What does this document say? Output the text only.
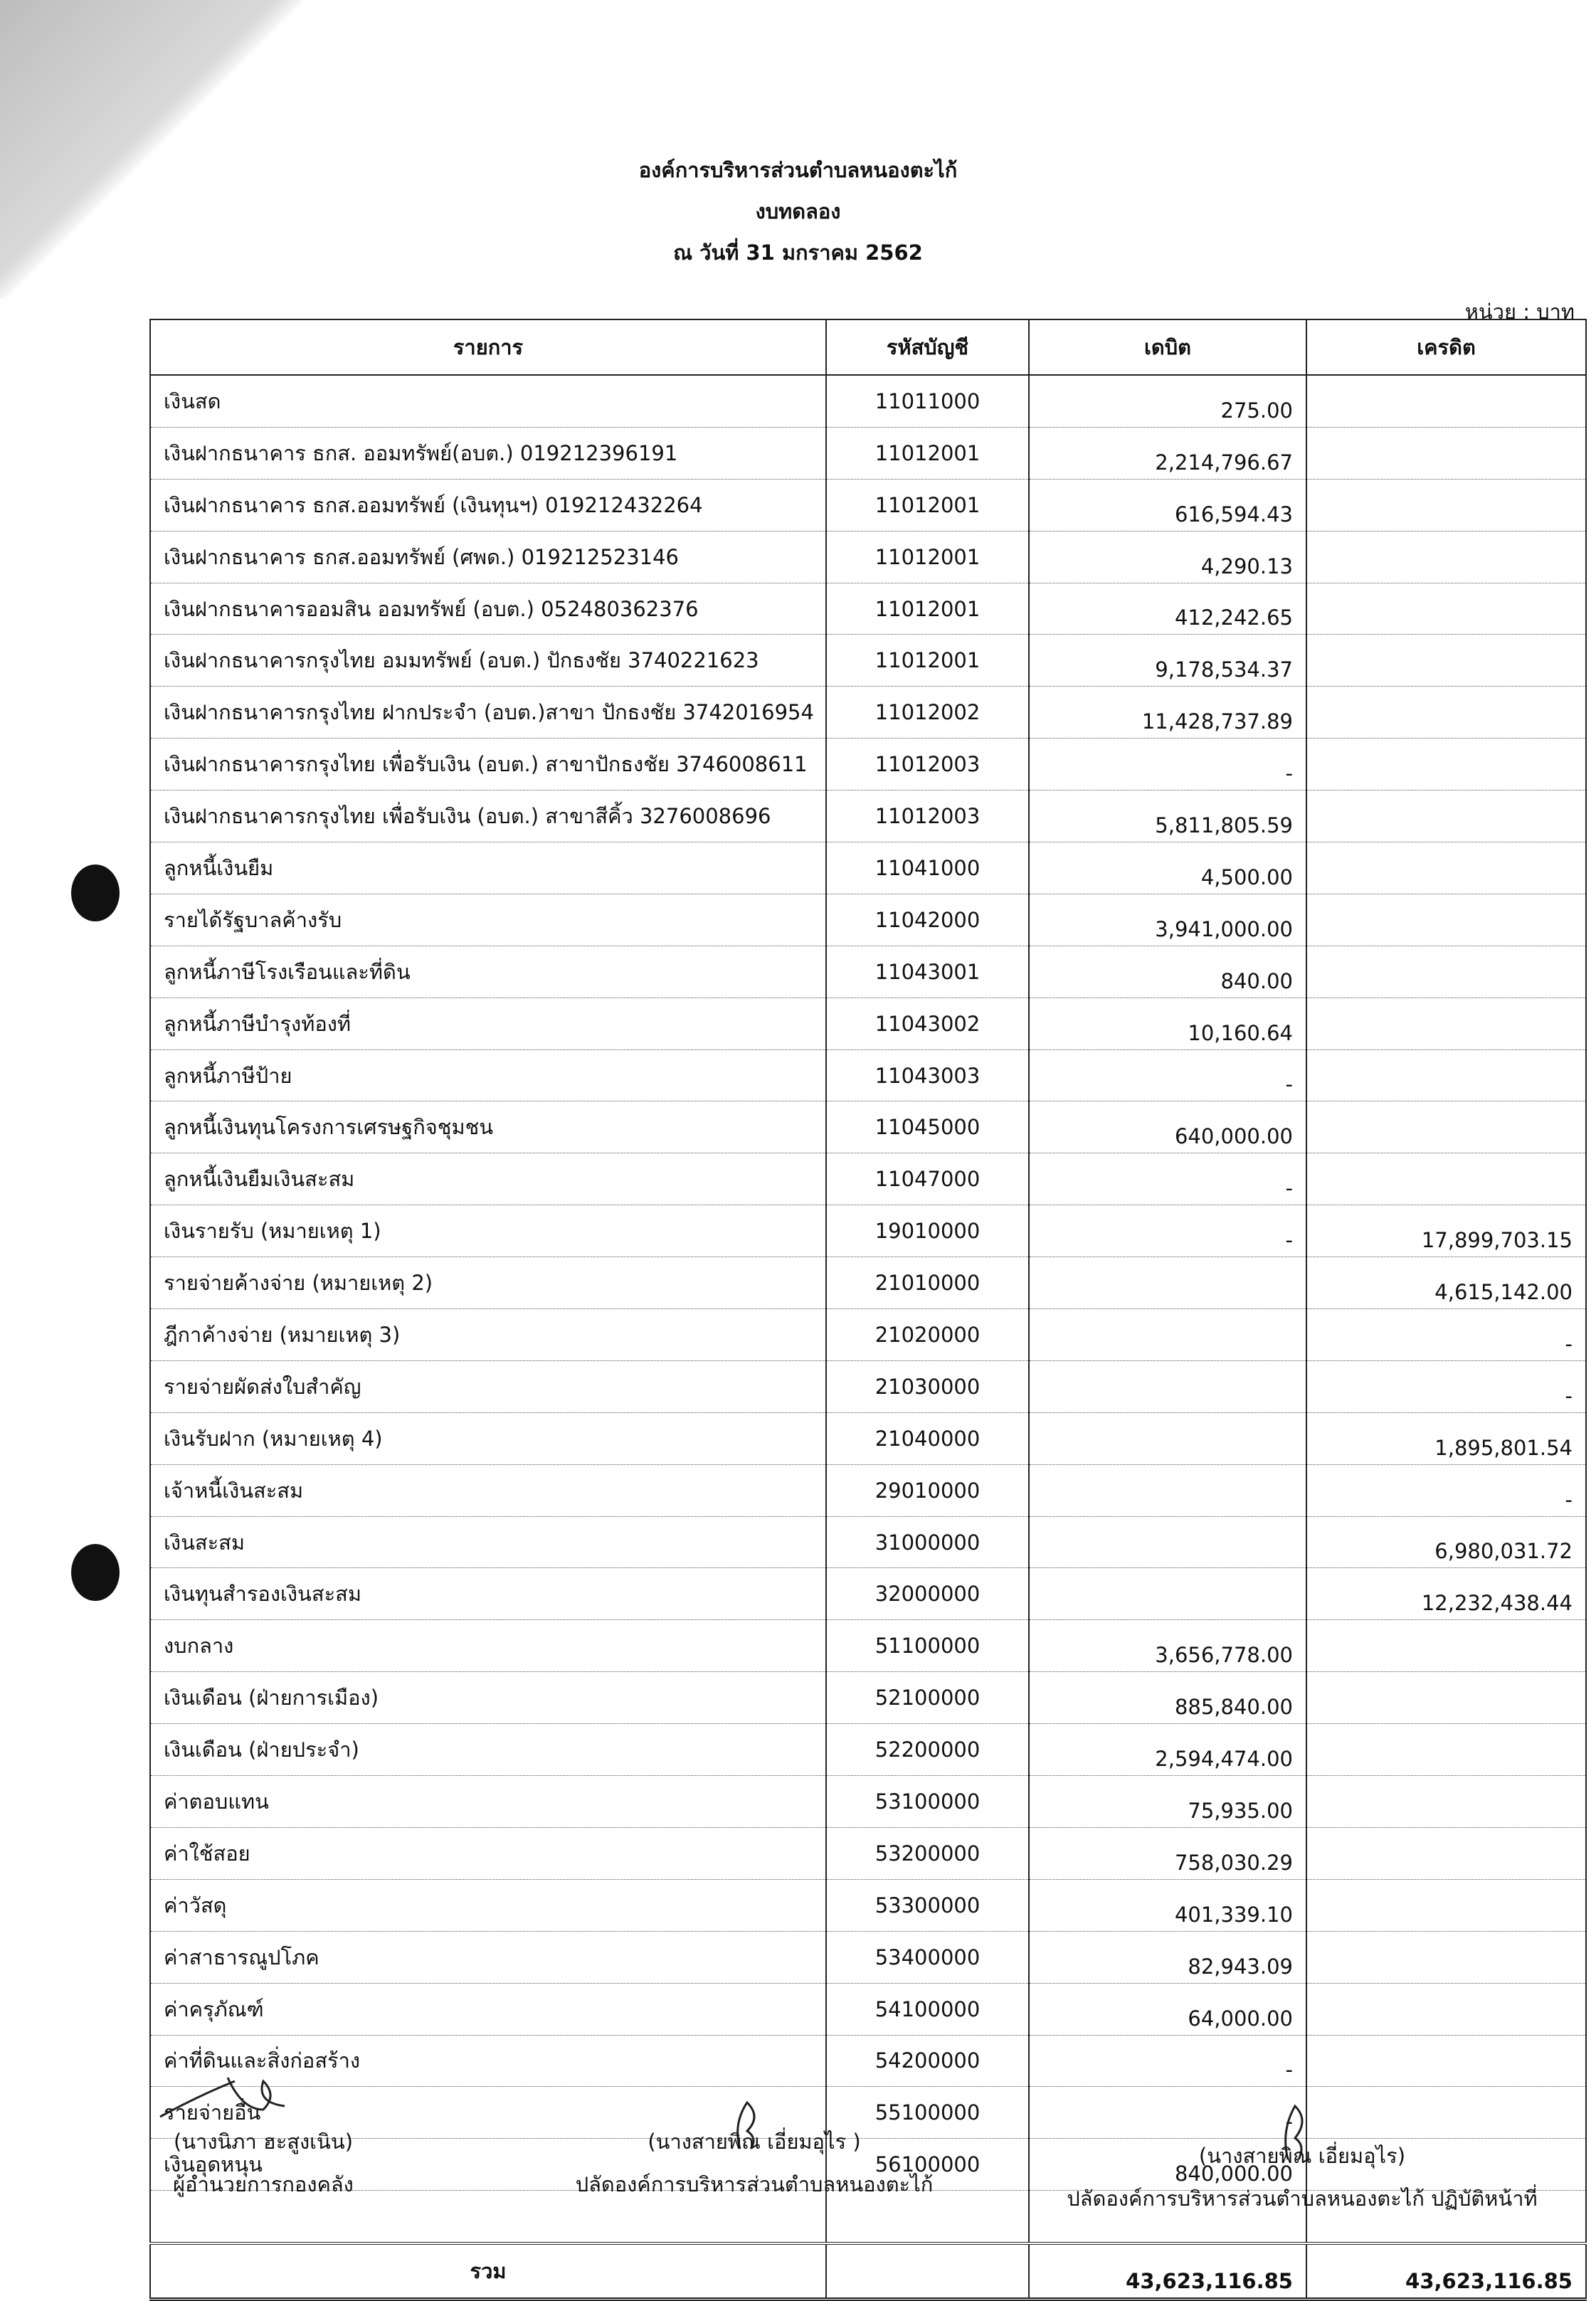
องค์การบริหารส่วนตำบลหนองตะไก้
งบทดลอง
ณ วันที่ 31 มกราคม 2562
หน่วย : บาท
รายการ	รหัสบัญชี	เดบิต	เครดิต
เงินสด	11011000	275.00	
เงินฝากธนาคาร ธกส. ออมทรัพย์(อบต.) 019212396191	11012001	2,214,796.67	
เงินฝากธนาคาร ธกส.ออมทรัพย์ (เงินทุนฯ) 019212432264	11012001	616,594.43	
เงินฝากธนาคาร ธกส.ออมทรัพย์ (ศพด.) 019212523146	11012001	4,290.13	
เงินฝากธนาคารออมสิน ออมทรัพย์ (อบต.) 052480362376	11012001	412,242.65	
เงินฝากธนาคารกรุงไทย อมมทรัพย์ (อบต.) ปักธงชัย 3740221623	11012001	9,178,534.37	
เงินฝากธนาคารกรุงไทย ฝากประจำ (อบต.)สาขา ปักธงชัย 3742016954	11012002	11,428,737.89	
เงินฝากธนาคารกรุงไทย เพื่อรับเงิน (อบต.) สาขาปักธงชัย 3746008611	11012003	-	
เงินฝากธนาคารกรุงไทย เพื่อรับเงิน (อบต.) สาขาสีคิ้ว 3276008696	11012003	5,811,805.59	
ลูกหนี้เงินยืม	11041000	4,500.00	
รายได้รัฐบาลค้างรับ	11042000	3,941,000.00	
ลูกหนี้ภาษีโรงเรือนและที่ดิน	11043001	840.00	
ลูกหนี้ภาษีบำรุงท้องที่	11043002	10,160.64	
ลูกหนี้ภาษีป้าย	11043003	-	
ลูกหนี้เงินทุนโครงการเศรษฐกิจชุมชน	11045000	640,000.00	
ลูกหนี้เงินยืมเงินสะสม	11047000	-	
เงินรายรับ (หมายเหตุ 1)	19010000	-	17,899,703.15
รายจ่ายค้างจ่าย (หมายเหตุ 2)	21010000		4,615,142.00
ฎีกาค้างจ่าย (หมายเหตุ 3)	21020000		-
รายจ่ายผัดส่งใบสำคัญ	21030000		-
เงินรับฝาก (หมายเหตุ 4)	21040000		1,895,801.54
เจ้าหนี้เงินสะสม	29010000		-
เงินสะสม	31000000		6,980,031.72
เงินทุนสำรองเงินสะสม	32000000		12,232,438.44
งบกลาง	51100000	3,656,778.00	
เงินเดือน (ฝ่ายการเมือง)	52100000	885,840.00	
เงินเดือน (ฝ่ายประจำ)	52200000	2,594,474.00	
ค่าตอบแทน	53100000	75,935.00	
ค่าใช้สอย	53200000	758,030.29	
ค่าวัสดุ	53300000	401,339.10	
ค่าสาธารณูปโภค	53400000	82,943.09	
ค่าครุภัณฑ์	54100000	64,000.00	
ค่าที่ดินและสิ่งก่อสร้าง	54200000	-	
รายจ่ายอื่น	55100000	-	
เงินอุดหนุน	56100000	840,000.00	

รวม		43,623,116.85	43,623,116.85
(นางนิภา ฮะสูงเนิน)
ผู้อำนวยการกองคลัง
(นางสายพิณ เอี่ยมอุไร )
ปลัดองค์การบริหารส่วนตำบลหนองตะไก้
(นางสายพิณ เอี่ยมอุไร)
ปลัดองค์การบริหารส่วนตำบลหนองตะไก้ ปฏิบัติหน้าที่
